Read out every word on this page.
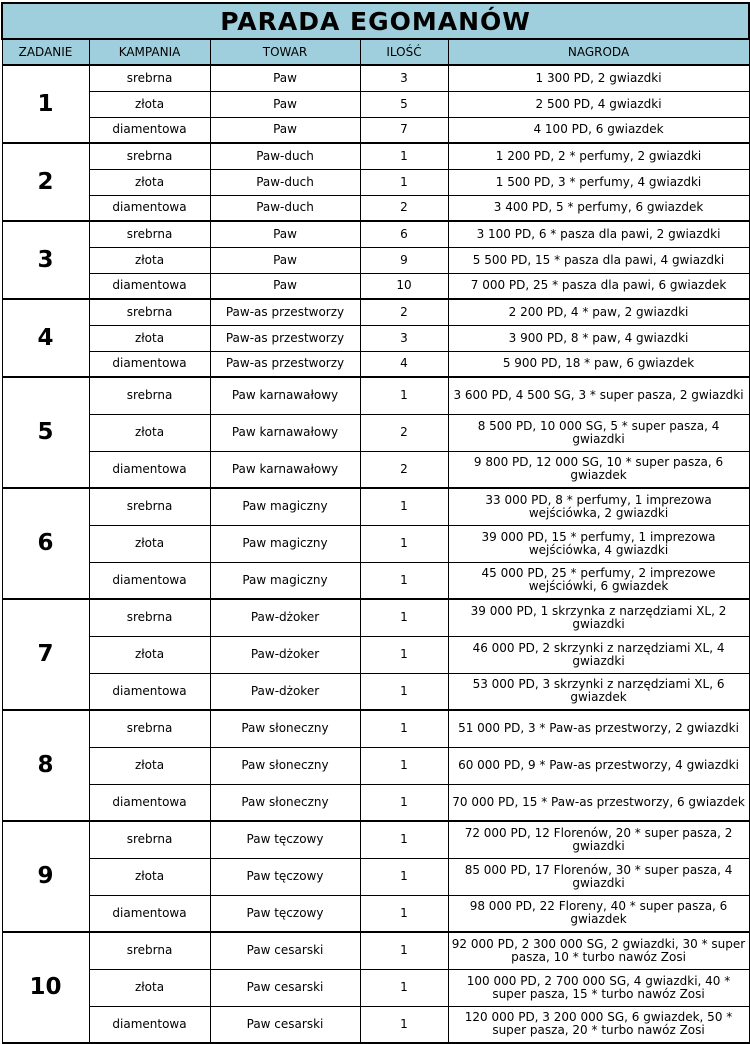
PARADA EGOMANÓW				
ZADANIE	KAMPANIA	TOWAR	ILOŚĆ	NAGRODA
1	srebrna	Paw	3	1 300 PD, 2 gwiazdki
	złota	Paw	5	2 500 PD, 4 gwiazdki
	diamentowa	Paw	7	4 100 PD, 6 gwiazdek
2	srebrna	Paw-duch	1	1 200 PD, 2 * perfumy, 2 gwiazdki
	złota	Paw-duch	1	1 500 PD, 3 * perfumy, 4 gwiazdki
	diamentowa	Paw-duch	2	3 400 PD, 5 * perfumy, 6 gwiazdek
3	srebrna	Paw	6	3 100 PD, 6 * pasza dla pawi, 2 gwiazdki
	złota	Paw	9	5 500 PD, 15 * pasza dla pawi, 4 gwiazdki
	diamentowa	Paw	10	7 000 PD, 25 * pasza dla pawi, 6 gwiazdek
4	srebrna	Paw-as przestworzy	2	2 200 PD, 4 * paw, 2 gwiazdki
	złota	Paw-as przestworzy	3	3 900 PD, 8 * paw, 4 gwiazdki
	diamentowa	Paw-as przestworzy	4	5 900 PD, 18 * paw, 6 gwiazdek
5	srebrna	Paw karnawałowy	1	3 600 PD, 4 500 SG, 3 * super pasza, 2 gwiazdki
	złota	Paw karnawałowy	2	8 500 PD, 10 000 SG, 5 * super pasza, 4 gwiazdki
	diamentowa	Paw karnawałowy	2	9 800 PD, 12 000 SG, 10 * super pasza, 6 gwiazdek
6	srebrna	Paw magiczny	1	33 000 PD, 8 * perfumy, 1 imprezowa wejściówka, 2 gwiazdki
	złota	Paw magiczny	1	39 000 PD, 15 * perfumy, 1 imprezowa wejściówka, 4 gwiazdki
	diamentowa	Paw magiczny	1	45 000 PD, 25 * perfumy, 2 imprezowe wejściówki, 6 gwiazdek
7	srebrna	Paw-dżoker	1	39 000 PD, 1 skrzynka z narzędziami XL, 2 gwiazdki
	złota	Paw-dżoker	1	46 000 PD, 2 skrzynki z narzędziami XL, 4 gwiazdki
	diamentowa	Paw-dżoker	1	53 000 PD, 3 skrzynki z narzędziami XL, 6 gwiazdek
8	srebrna	Paw słoneczny	1	51 000 PD, 3 * Paw-as przestworzy, 2 gwiazdki
	złota	Paw słoneczny	1	60 000 PD, 9 * Paw-as przestworzy, 4 gwiazdki
	diamentowa	Paw słoneczny	1	70 000 PD, 15 * Paw-as przestworzy, 6 gwiazdek
9	srebrna	Paw tęczowy	1	72 000 PD, 12 Florenów, 20 * super pasza, 2 gwiazdki
	złota	Paw tęczowy	1	85 000 PD, 17 Florenów, 30 * super pasza, 4 gwiazdki
	diamentowa	Paw tęczowy	1	98 000 PD, 22 Floreny, 40 * super pasza, 6 gwiazdek
10	srebrna	Paw cesarski	1	92 000 PD, 2 300 000 SG, 2 gwiazdki, 30 * super pasza, 10 * turbo nawóz Zosi
	złota	Paw cesarski	1	100 000 PD, 2 700 000 SG, 4 gwiazdki, 40 * super pasza, 15 * turbo nawóz Zosi
	diamentowa	Paw cesarski	1	120 000 PD, 3 200 000 SG, 6 gwiazdek, 50 * super pasza, 20 * turbo nawóz Zosi
